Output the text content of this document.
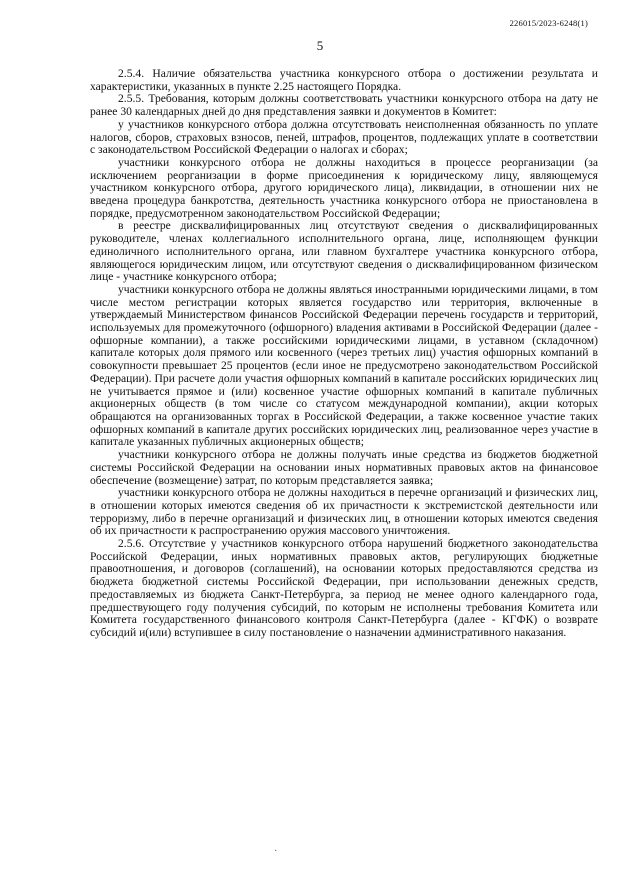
226015/2023-6248(1)
5

2.5.4. Наличие обязательства участника конкурсного отбора о достижении результата и характеристики, указанных в пункте 2.25 настоящего Порядка.

2.5.5. Требования, которым должны соответствовать участники конкурсного отбора на дату не ранее 30 календарных дней до дня представления заявки и документов в Комитет:

у участников конкурсного отбора должна отсутствовать неисполненная обязанность по уплате налогов, сборов, страховых взносов, пеней, штрафов, процентов, подлежащих уплате в соответствии с законодательством Российской Федерации о налогах и сборах;

участники конкурсного отбора не должны находиться в процессе реорганизации (за исключением реорганизации в форме присоединения к юридическому лицу, являющемуся участником конкурсного отбора, другого юридического лица), ликвидации, в отношении них не введена процедура банкротства, деятельность участника конкурсного отбора не приостановлена в порядке, предусмотренном законодательством Российской Федерации;

в реестре дисквалифицированных лиц отсутствуют сведения о дисквалифицированных руководителе, членах коллегиального исполнительного органа, лице, исполняющем функции единоличного исполнительного органа, или главном бухгалтере участника конкурсного отбора, являющегося юридическим лицом, или отсутствуют сведения о дисквалифицированном физическом лице - участнике конкурсного отбора;

участники конкурсного отбора не должны являться иностранными юридическими лицами, в том числе местом регистрации которых является государство или территория, включенные в утверждаемый Министерством финансов Российской Федерации перечень государств и территорий, используемых для промежуточного (офшорного) владения активами в Российской Федерации (далее - офшорные компании), а также российскими юридическими лицами, в уставном (складочном) капитале которых доля прямого или косвенного (через третьих лиц) участия офшорных компаний в совокупности превышает 25 процентов (если иное не предусмотрено законодательством Российской Федерации). При расчете доли участия офшорных компаний в капитале российских юридических лиц не учитывается прямое и (или) косвенное участие офшорных компаний в капитале публичных акционерных обществ (в том числе со статусом международной компании), акции которых обращаются на организованных торгах в Российской Федерации, а также косвенное участие таких офшорных компаний в капитале других российских юридических лиц, реализованное через участие в капитале указанных публичных акционерных обществ;

участники конкурсного отбора не должны получать иные средства из бюджетов бюджетной системы Российской Федерации на основании иных нормативных правовых актов на финансовое обеспечение (возмещение) затрат, по которым представляется заявка;

участники конкурсного отбора не должны находиться в перечне организаций и физических лиц, в отношении которых имеются сведения об их причастности к экстремистской деятельности или терроризму, либо в перечне организаций и физических лиц, в отношении которых имеются сведения об их причастности к распространению оружия массового уничтожения.

2.5.6. Отсутствие у участников конкурсного отбора нарушений бюджетного законодательства Российской Федерации, иных нормативных правовых актов, регулирующих бюджетные правоотношения, и договоров (соглашений), на основании которых предоставляются средства из бюджета бюджетной системы Российской Федерации, при использовании денежных средств, предоставляемых из бюджета Санкт-Петербурга, за период не менее одного календарного года, предшествующего году получения субсидий, по которым не исполнены требования Комитета или Комитета государственного финансового контроля Санкт-Петербурга (далее - КГФК) о возврате субсидий и(или) вступившее в силу постановление о назначении административного наказания.

·
